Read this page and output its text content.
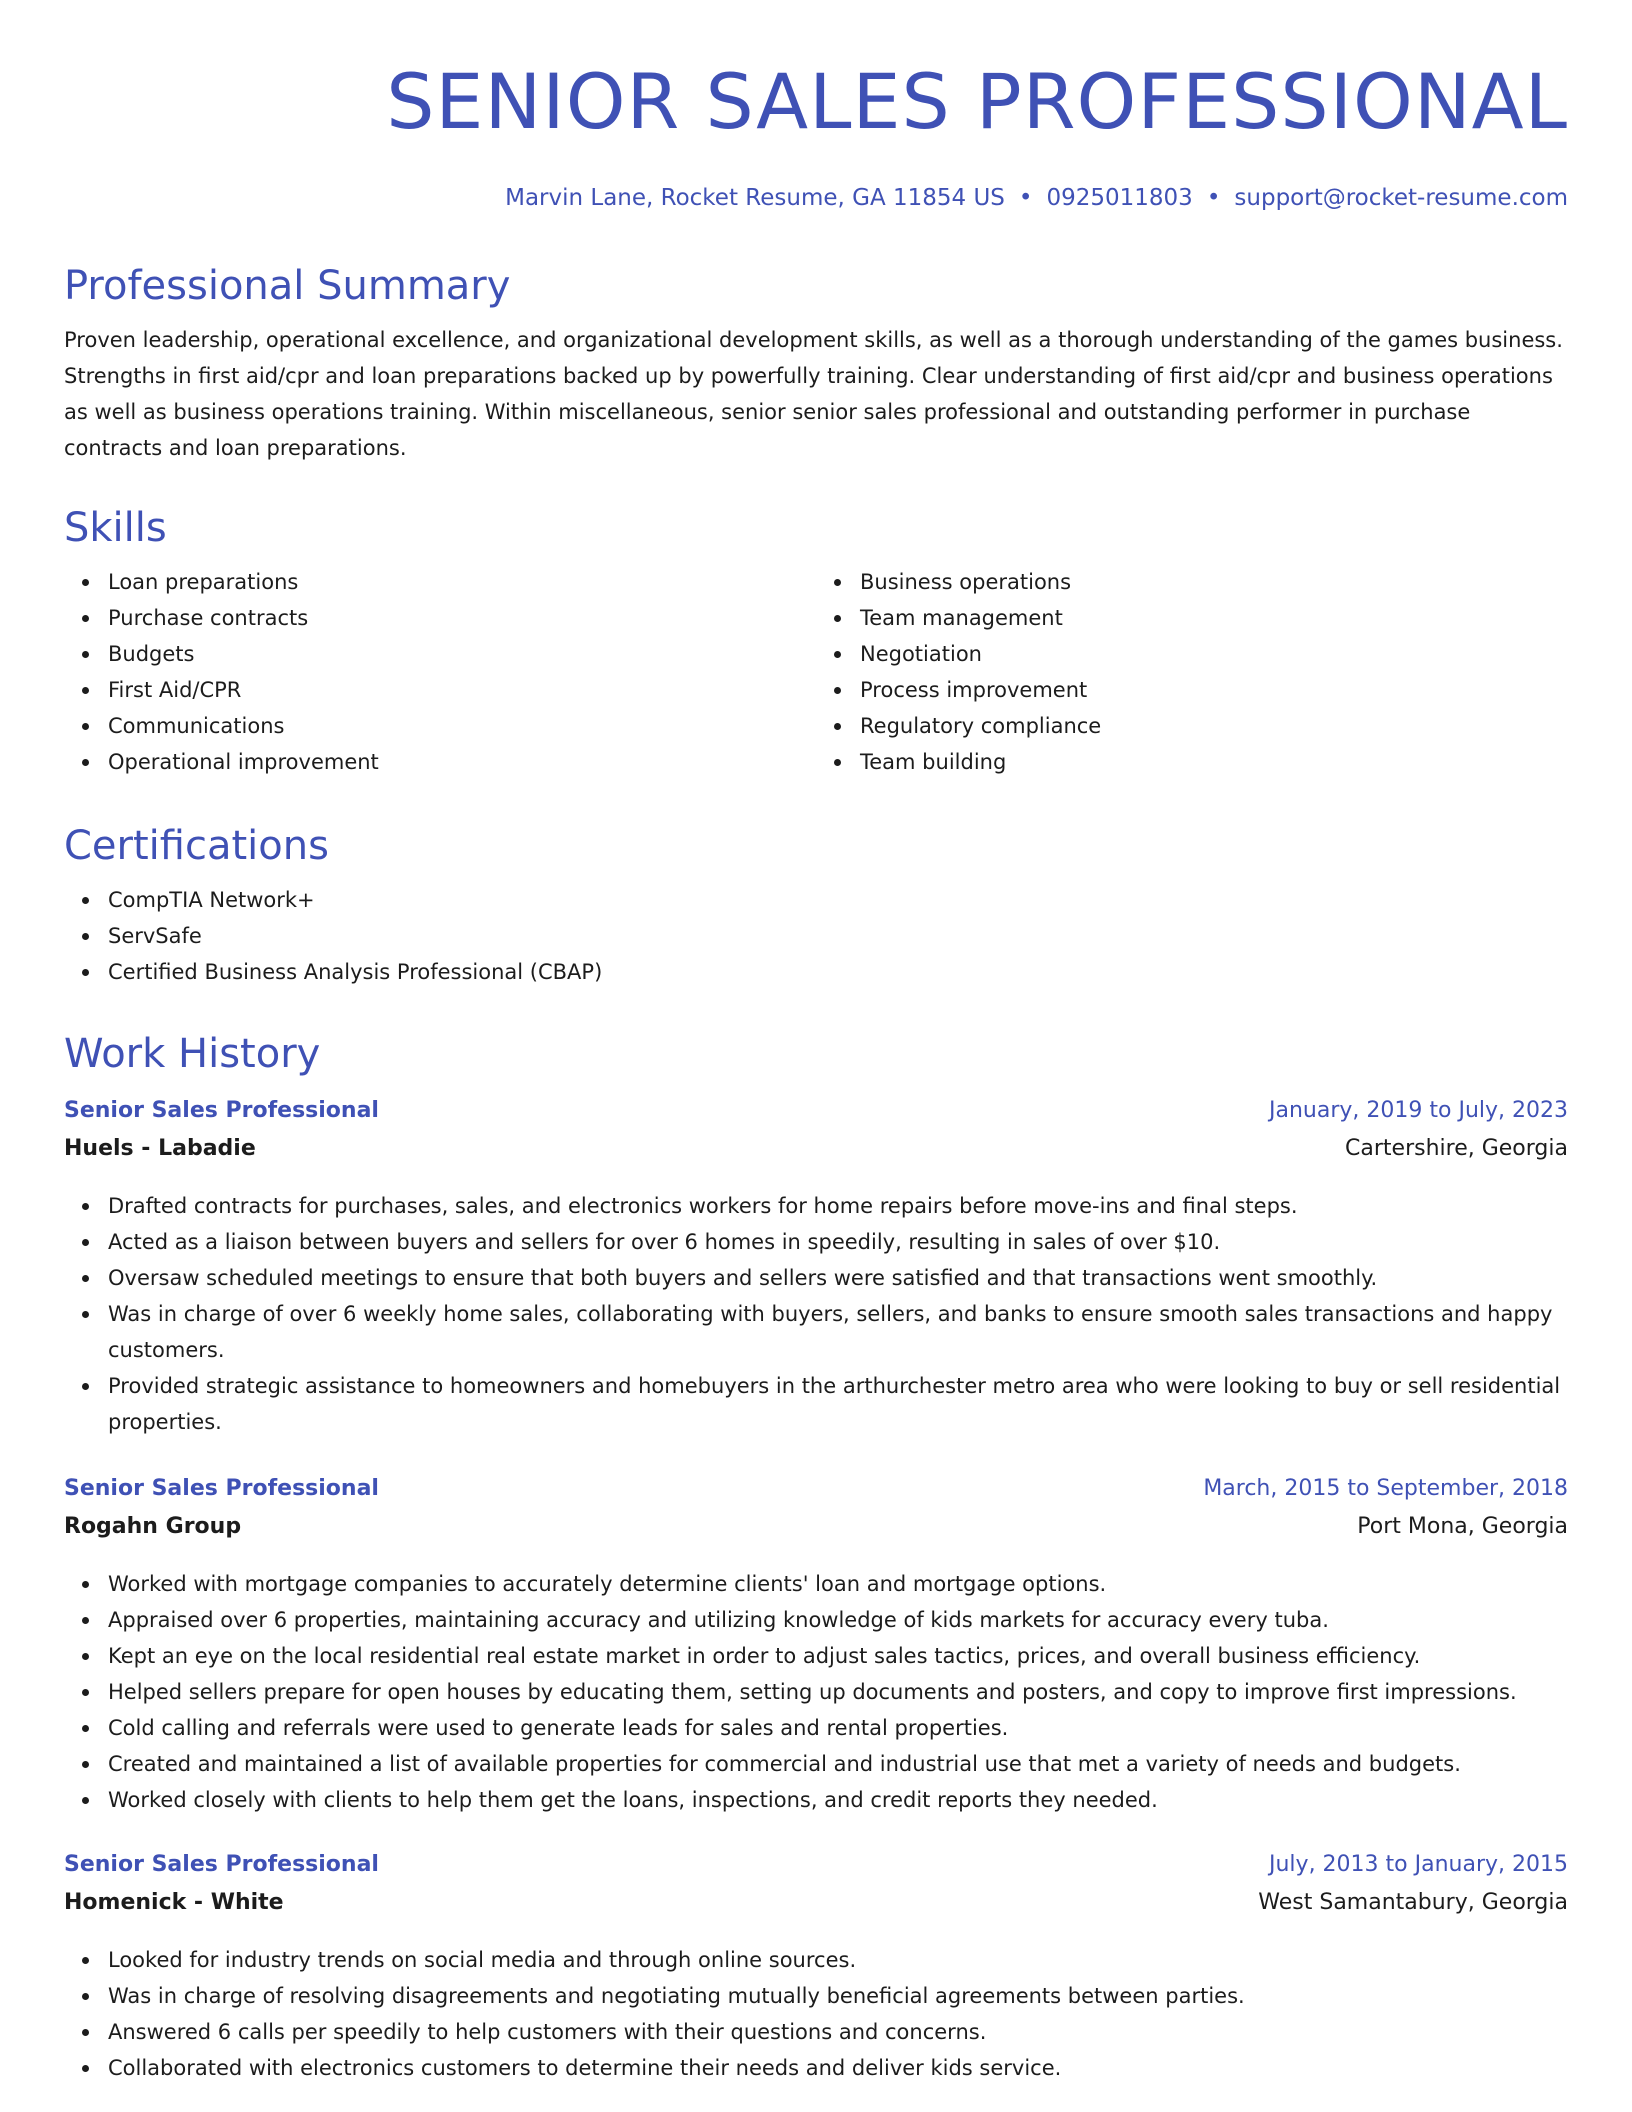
SENIOR SALES PROFESSIONAL
Marvin Lane, Rocket Resume, GA 11854 US • 0925011803 • support@rocket-resume.com
Professional Summary

Proven leadership, operational excellence, and organizational development skills, as well as a thorough understanding of the games business. Strengths in first aid/cpr and loan preparations backed up by powerfully training. Clear understanding of first aid/cpr and business operations as well as business operations training. Within miscellaneous, senior senior sales professional and outstanding performer in purchase contracts and loan preparations.

Skills
Loan preparations
Purchase contracts
Budgets
First Aid/CPR
Communications
Operational improvement
Business operations
Team management
Negotiation
Process improvement
Regulatory compliance
Team building
Certifications
CompTIA Network+
ServSafe
Certified Business Analysis Professional (CBAP)
Work History
Senior Sales Professional	January, 2019 to July, 2023
Huels - Labadie	Cartershire, Georgia
Drafted contracts for purchases, sales, and electronics workers for home repairs before move-ins and final steps.
Acted as a liaison between buyers and sellers for over 6 homes in speedily, resulting in sales of over $10.
Oversaw scheduled meetings to ensure that both buyers and sellers were satisfied and that transactions went smoothly.
Was in charge of over 6 weekly home sales, collaborating with buyers, sellers, and banks to ensure smooth sales transactions and happy customers.
Provided strategic assistance to homeowners and homebuyers in the arthurchester metro area who were looking to buy or sell residential properties.
Senior Sales Professional	March, 2015 to September, 2018
Rogahn Group	Port Mona, Georgia
Worked with mortgage companies to accurately determine clients' loan and mortgage options.
Appraised over 6 properties, maintaining accuracy and utilizing knowledge of kids markets for accuracy every tuba.
Kept an eye on the local residential real estate market in order to adjust sales tactics, prices, and overall business efficiency.
Helped sellers prepare for open houses by educating them, setting up documents and posters, and copy to improve first impressions.
Cold calling and referrals were used to generate leads for sales and rental properties.
Created and maintained a list of available properties for commercial and industrial use that met a variety of needs and budgets.
Worked closely with clients to help them get the loans, inspections, and credit reports they needed.
Senior Sales Professional	July, 2013 to January, 2015
Homenick - White	West Samantabury, Georgia
Looked for industry trends on social media and through online sources.
Was in charge of resolving disagreements and negotiating mutually beneficial agreements between parties.
Answered 6 calls per speedily to help customers with their questions and concerns.
Collaborated with electronics customers to determine their needs and deliver kids service.
